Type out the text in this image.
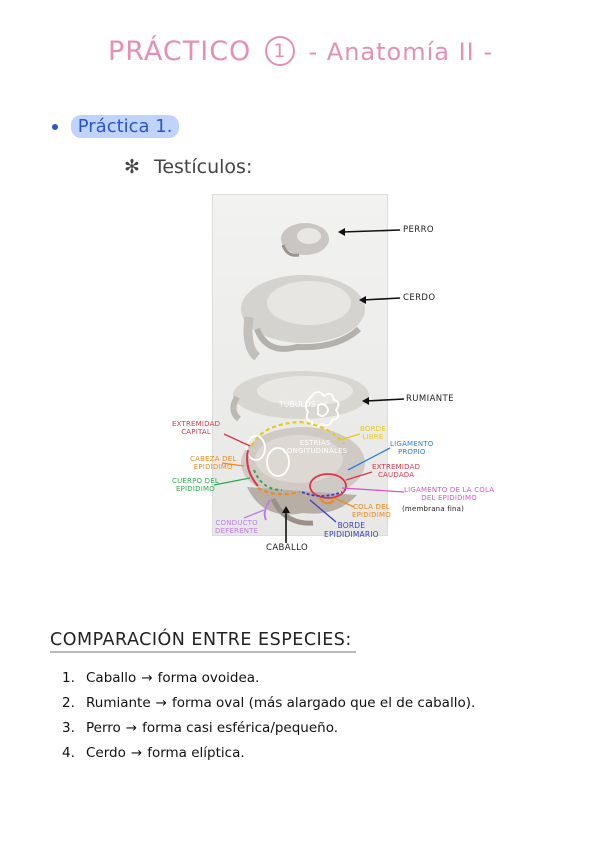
PRÁCTICO 1 - Anatomía II -
Práctica 1.
✻ Testículos:
TÚBULOS
ESTRÍAS
LONGITUDINALES
PERRO
CERDO
RUMIANTE
CABALLO
EXTREMIDAD
CAPITAL
CABEZA DEL
EPIDÍDIMO
CUERPO DEL
EPIDÍDIMO
CONDUCTO
DEFERENTE
BORDE
LIBRE
LIGAMENTO
PROPIO
EXTREMIDAD
CAUDADA
LIGAMENTO DE LA COLA
DEL EPIDÍDIMO
(membrana fina)
COLA DEL
EPIDÍDIMO
BORDE
EPIDIDIMARIO
COMPARACIÓN ENTRE ESPECIES:
1. Caballo → forma ovoidea.
2. Rumiante → forma oval (más alargado que el de caballo).
3. Perro → forma casi esférica/pequeño.
4. Cerdo → forma elíptica.
